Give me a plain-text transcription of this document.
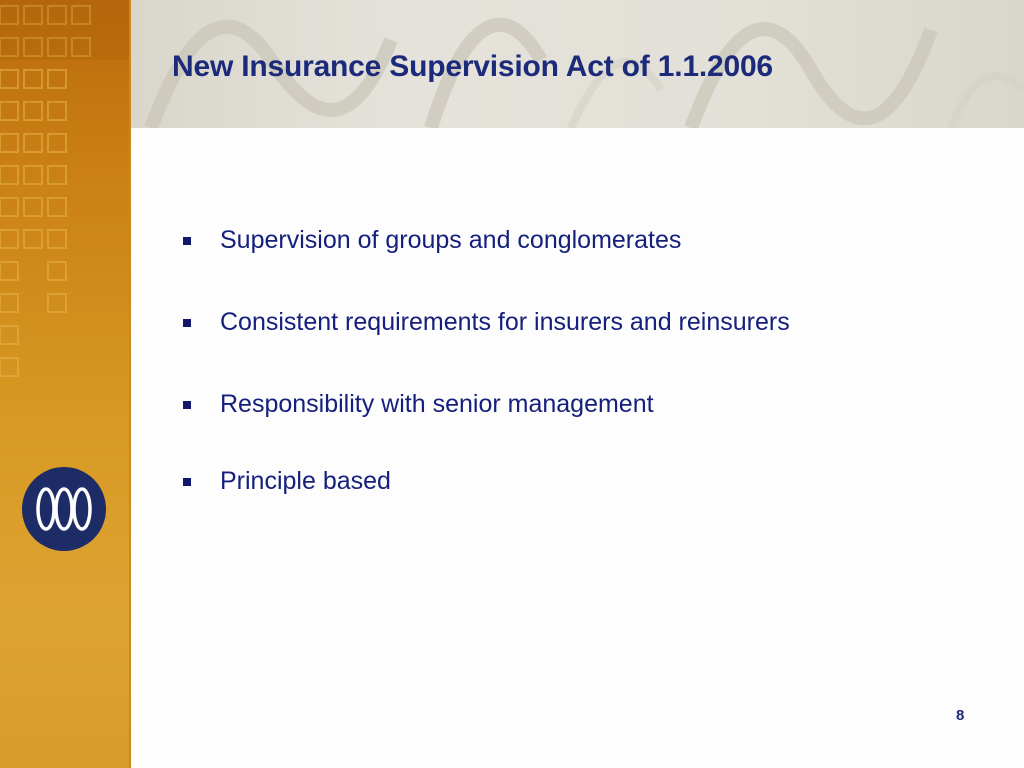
New Insurance Supervision Act of 1.1.2006
Supervision of groups and conglomerates
Consistent requirements for insurers and reinsurers
Responsibility with senior management
Principle based
8
